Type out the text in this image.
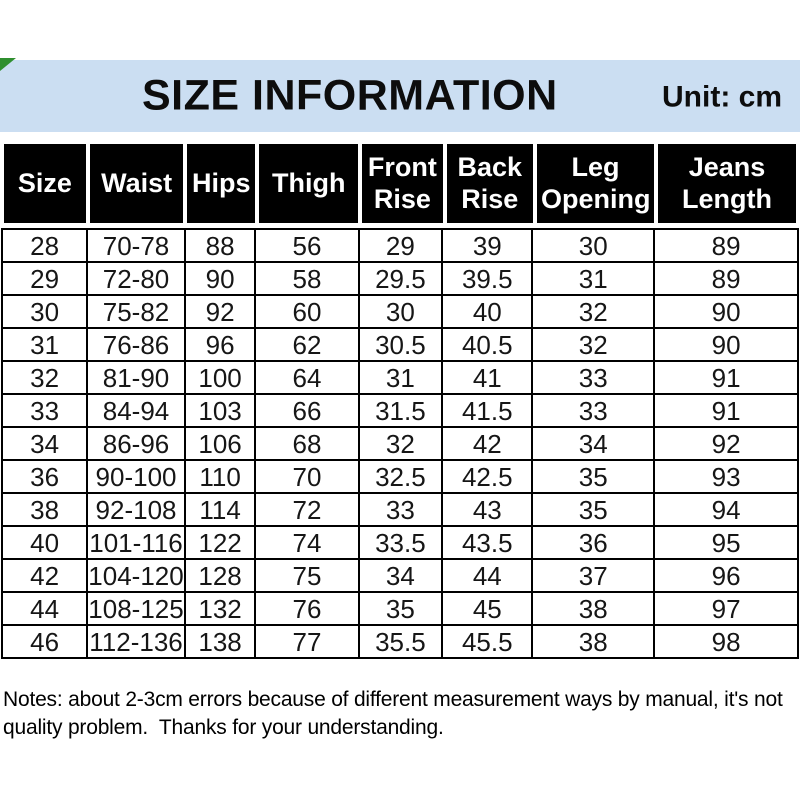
SIZE INFORMATION	Unit: cm
Size	Waist	Hips	Thigh	Front Rise	Back Rise	Leg Opening	Jeans Length
28	70-78	88	56	29	39	30	89
29	72-80	90	58	29.5	39.5	31	89
30	75-82	92	60	30	40	32	90
31	76-86	96	62	30.5	40.5	32	90
32	81-90	100	64	31	41	33	91
33	84-94	103	66	31.5	41.5	33	91
34	86-96	106	68	32	42	34	92
36	90-100	110	70	32.5	42.5	35	93
38	92-108	114	72	33	43	35	94
40	101-116	122	74	33.5	43.5	36	95
42	104-120	128	75	34	44	37	96
44	108-125	132	76	35	45	38	97
46	112-136	138	77	35.5	45.5	38	98
Notes: about 2-3cm errors because of different measurement ways by manual, it's not quality problem.  Thanks for your understanding.
